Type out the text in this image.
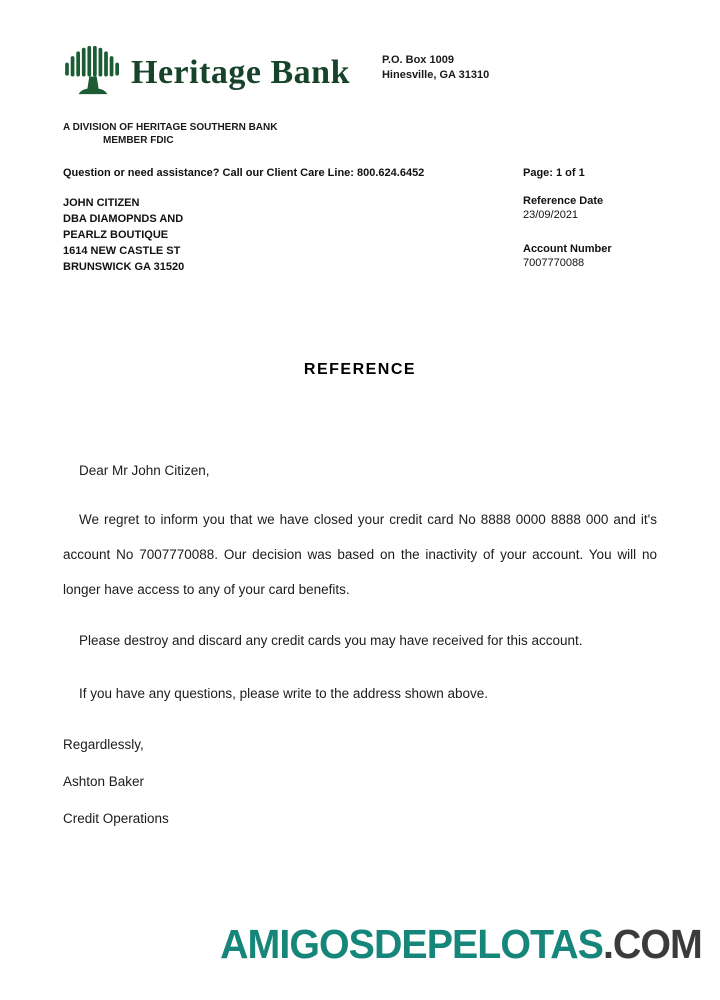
Heritage Bank	P.O. Box 1009
Hinesville, GA 31310
A DIVISION OF HERITAGE SOUTHERN BANK
MEMBER FDIC
Question or need assistance? Call our Client Care Line: 800.624.6452	Page: 1 of 1
JOHN CITIZEN
DBA DIAMOPNDS AND
PEARLZ BOUTIQUE
1614 NEW CASTLE ST
BRUNSWICK GA 31520
Reference Date
23/09/2021
Account Number
7007770088
REFERENCE
Dear Mr John Citizen,
We regret to inform you that we have closed your credit card No 8888 0000 8888 000 and it's account No 7007770088. Our decision was based on the inactivity of your account. You will no longer have access to any of your card benefits.
Please destroy and discard any credit cards you may have received for this account.
If you have any questions, please write to the address shown above.
Regardlessly,
Ashton Baker
Credit Operations
AMIGOSDEPELOTAS.COM
